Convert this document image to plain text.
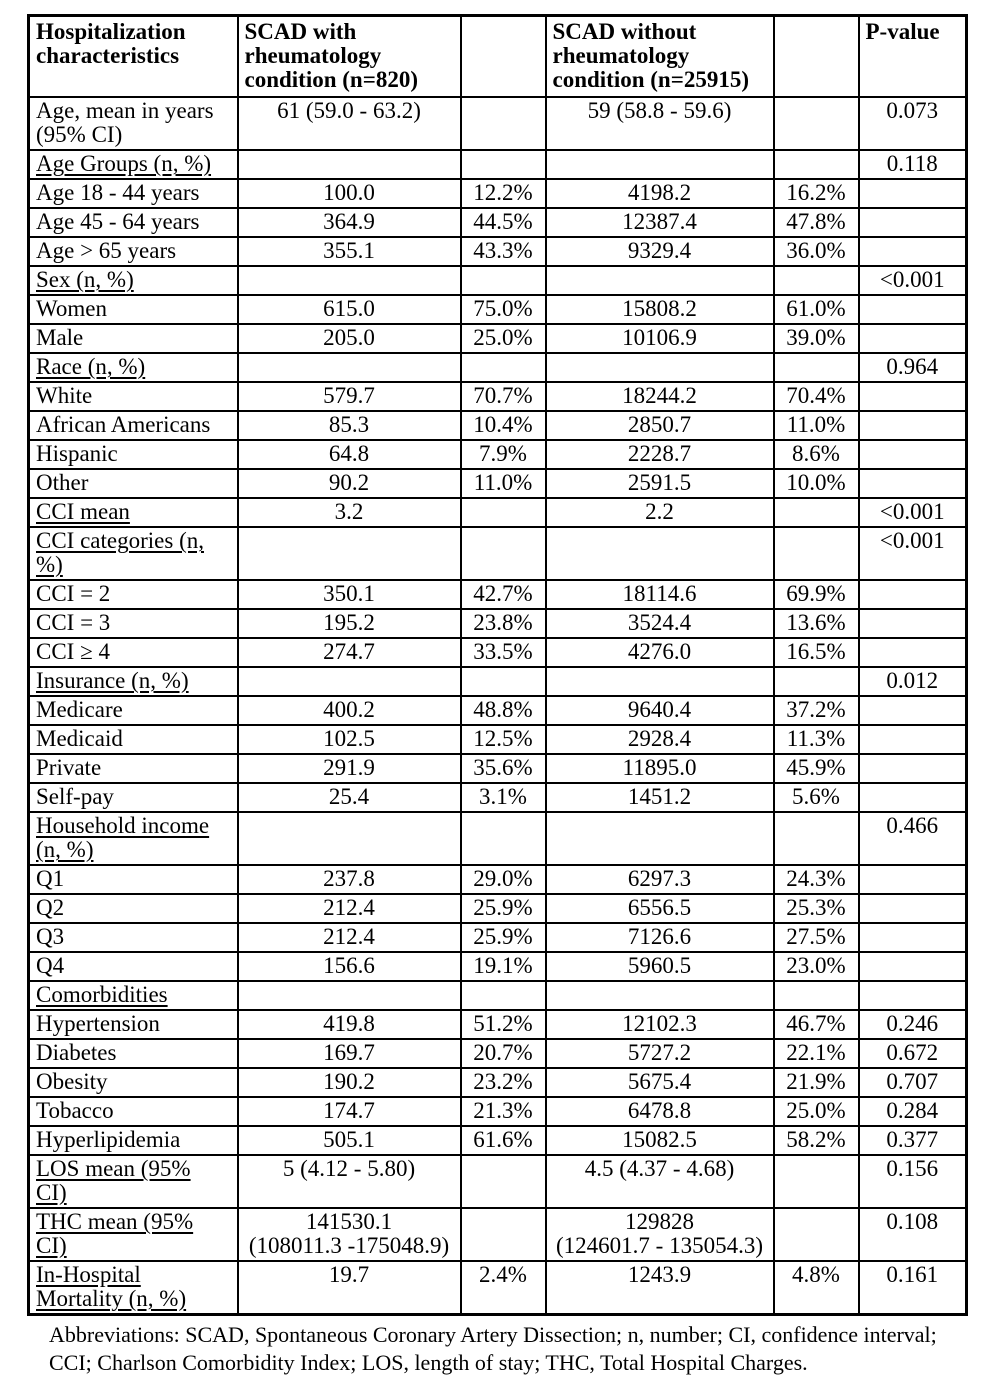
Hospitalization
characteristics	SCAD with
rheumatology
condition (n=820)		SCAD without
rheumatology
condition (n=25915)		P-value
Age, mean in years
(95% CI)	61 (59.0 - 63.2)		59 (58.8 - 59.6)		0.073
Age Groups (n, %)					0.118
Age 18 - 44 years	100.0	12.2%	4198.2	16.2%	
Age 45 - 64 years	364.9	44.5%	12387.4	47.8%	
Age > 65 years	355.1	43.3%	9329.4	36.0%	
Sex (n, %)					<0.001
Women	615.0	75.0%	15808.2	61.0%	
Male	205.0	25.0%	10106.9	39.0%	
Race (n, %)					0.964
White	579.7	70.7%	18244.2	70.4%	
African Americans	85.3	10.4%	2850.7	11.0%	
Hispanic	64.8	7.9%	2228.7	8.6%	
Other	90.2	11.0%	2591.5	10.0%	
CCI mean	3.2		2.2		<0.001
CCI categories (n,
%)					<0.001
CCI = 2	350.1	42.7%	18114.6	69.9%	
CCI = 3	195.2	23.8%	3524.4	13.6%	
CCI ≥ 4	274.7	33.5%	4276.0	16.5%	
Insurance (n, %)					0.012
Medicare	400.2	48.8%	9640.4	37.2%	
Medicaid	102.5	12.5%	2928.4	11.3%	
Private	291.9	35.6%	11895.0	45.9%	
Self-pay	25.4	3.1%	1451.2	5.6%	
Household income
(n, %)					0.466
Q1	237.8	29.0%	6297.3	24.3%	
Q2	212.4	25.9%	6556.5	25.3%	
Q3	212.4	25.9%	7126.6	27.5%	
Q4	156.6	19.1%	5960.5	23.0%	
Comorbidities					
Hypertension	419.8	51.2%	12102.3	46.7%	0.246
Diabetes	169.7	20.7%	5727.2	22.1%	0.672
Obesity	190.2	23.2%	5675.4	21.9%	0.707
Tobacco	174.7	21.3%	6478.8	25.0%	0.284
Hyperlipidemia	505.1	61.6%	15082.5	58.2%	0.377
LOS mean (95%
CI)	5 (4.12 - 5.80)		4.5 (4.37 - 4.68)		0.156
THC mean (95%
CI)	141530.1
(108011.3 -175048.9)		129828
(124601.7 - 135054.3)		0.108
In-Hospital
Mortality (n, %)	19.7	2.4%	1243.9	4.8%	0.161

Abbreviations: SCAD, Spontaneous Coronary Artery Dissection; n, number; CI, confidence interval;
CCI; Charlson Comorbidity Index; LOS, length of stay; THC, Total Hospital Charges.
